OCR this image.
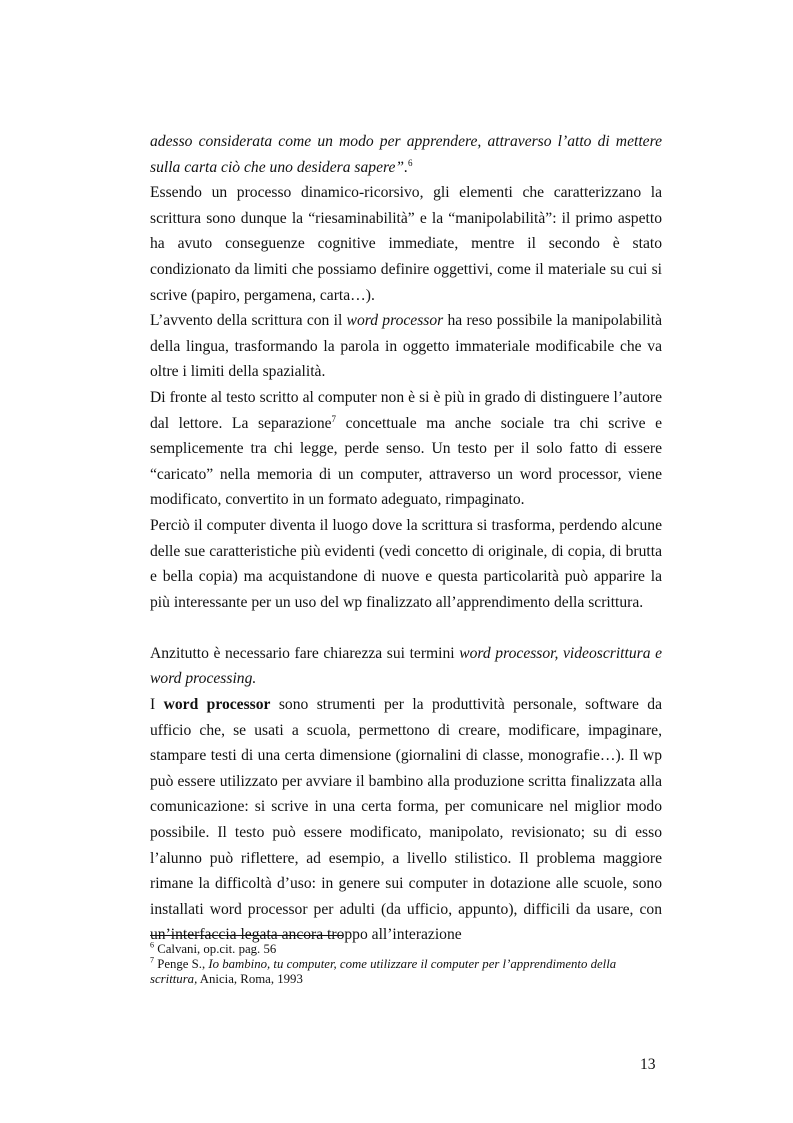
adesso considerata come un modo per apprendere, attraverso l’atto di mettere sulla carta ciò che uno desidera sapere”.$^6$

Essendo un processo dinamico-ricorsivo, gli elementi che caratterizzano la scrittura sono dunque la “riesaminabilità” e la “manipolabilità”: il primo aspetto ha avuto conseguenze cognitive immediate, mentre il secondo è stato condizionato da limiti che possiamo definire oggettivi, come il materiale su cui si scrive (papiro, pergamena, carta…).

L’avvento della scrittura con il word processor ha reso possibile la manipolabilità della lingua, trasformando la parola in oggetto immateriale modificabile che va oltre i limiti della spazialità.

Di fronte al testo scritto al computer non è si è più in grado di distinguere l’autore dal lettore. La separazione$^7$ concettuale ma anche sociale tra chi scrive e semplicemente tra chi legge, perde senso. Un testo per il solo fatto di essere “caricato” nella memoria di un computer, attraverso un word processor, viene modificato, convertito in un formato adeguato, rimpaginato.

Perciò il computer diventa il luogo dove la scrittura si trasforma, perdendo alcune delle sue caratteristiche più evidenti (vedi concetto di originale, di copia, di brutta e bella copia) ma acquistandone di nuove e questa particolarità può apparire la più interessante per un uso del wp finalizzato all’apprendimento della scrittura.

Anzitutto è necessario fare chiarezza sui termini word processor, videoscrittura e word processing.

I word processor sono strumenti per la produttività personale, software da ufficio che, se usati a scuola, permettono di creare, modificare, impaginare, stampare testi di una certa dimensione (giornalini di classe, monografie…). Il wp può essere utilizzato per avviare il bambino alla produzione scritta finalizzata alla comunicazione: si scrive in una certa forma, per comunicare nel miglior modo possibile. Il testo può essere modificato, manipolato, revisionato; su di esso l’alunno può riflettere, ad esempio, a livello stilistico. Il problema maggiore rimane la difficoltà d’uso: in genere sui computer in dotazione alle scuole, sono installati word processor per adulti (da ufficio, appunto), difficili da usare, con un’interfaccia legata ancora troppo all’interazione

$^6$ Calvani, op.cit. pag. 56

$^7$ Penge S., Io bambino, tu computer, come utilizzare il computer per l’apprendimento della scrittura, Anicia, Roma, 1993

13
